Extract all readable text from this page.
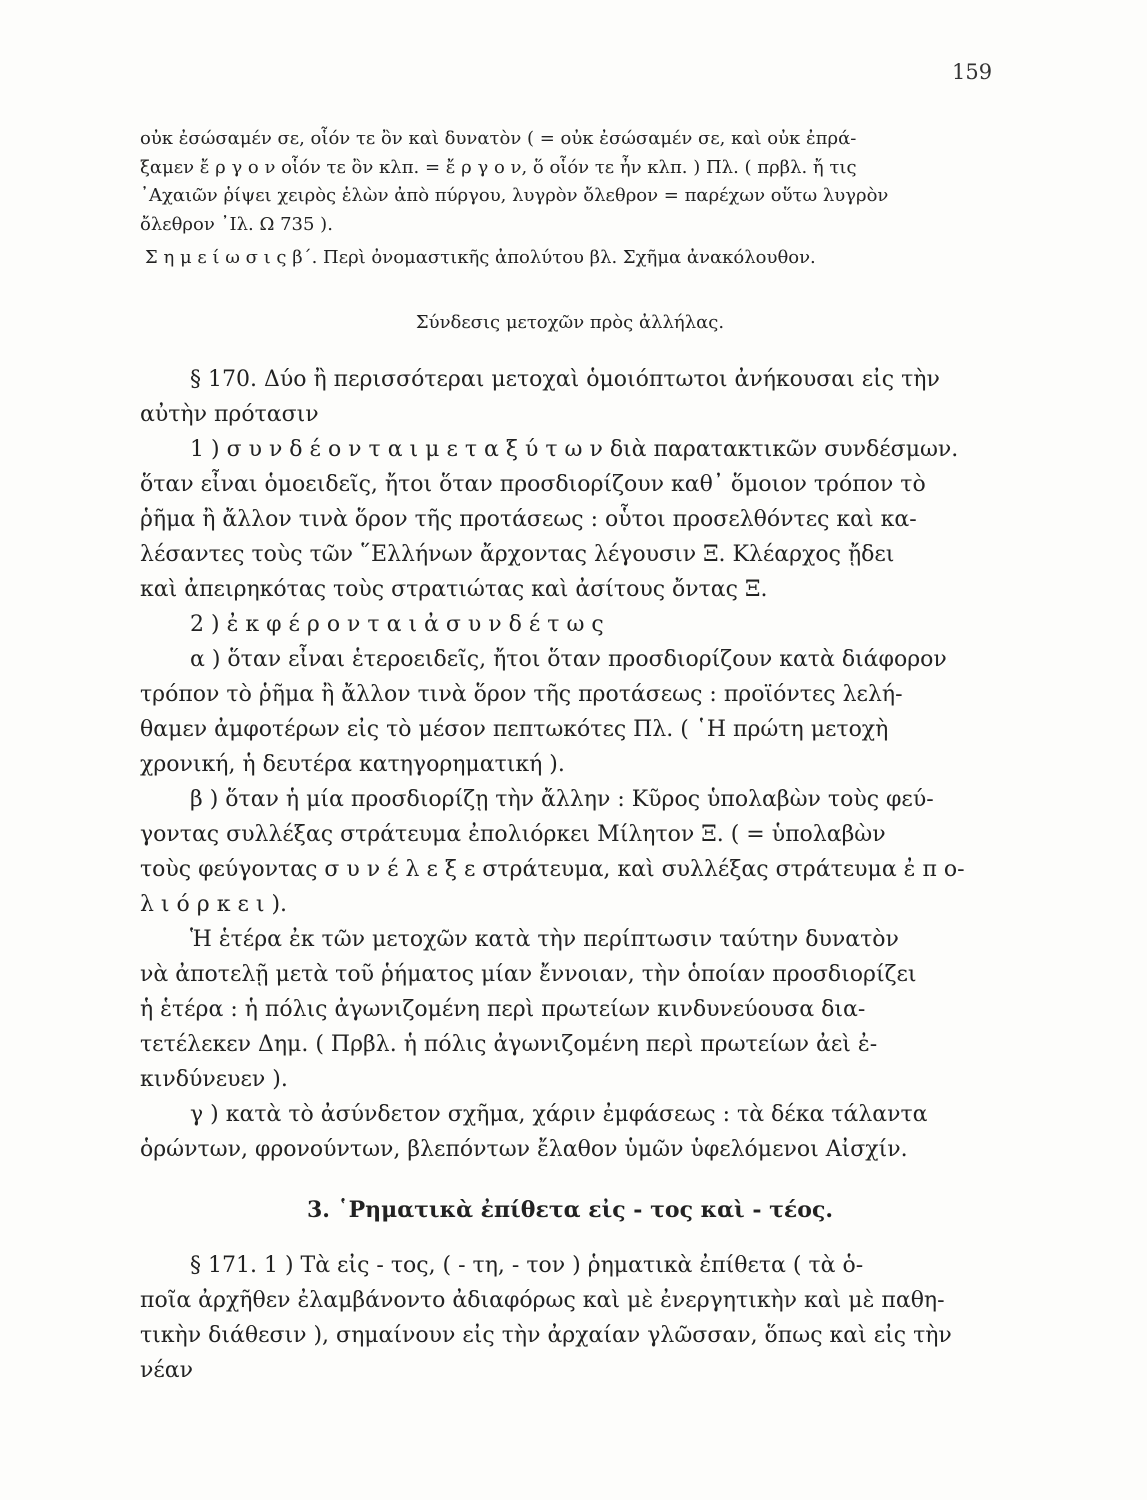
159
οὐκ ἐσώσαμέν σε, οἷόν τε ὂν καὶ δυνατὸν ( = οὐκ ἐσώσαμέν σε, καὶ οὐκ ἐπρά-
ξαμεν ἔ ρ γ ο ν οἷόν τε ὂν κλπ. = ἔ ρ γ ο ν, ὅ οἷόν τε ἦν κλπ. ) Πλ. ( πρβλ. ἤ τις
᾿Αχαιῶν ῥίψει χειρὸς ἑλὼν ἀπὸ πύργου, λυγρὸν ὄλεθρον = παρέχων οὕτω λυγρὸν
ὄλεθρον ᾿Ιλ. Ω 735 ).
Σ η μ ε ί ω σ ι ς β΄. Περὶ ὀνομαστικῆς ἀπολύτου βλ. Σχῆμα ἀνακόλουθον.
Σύνδεσις μετοχῶν πρὸς ἀλλήλας.
§ 170. Δύο ἢ περισσότεραι μετοχαὶ ὁμοιόπτωτοι ἀνήκουσαι εἰς τὴν
αὐτὴν πρότασιν
1 ) σ υ ν δ έ ο ν τ α ι μ ε τ α ξ ύ τ ω ν διὰ παρατακτικῶν συνδέσμων.
ὅταν εἶναι ὁμοειδεῖς, ἤτοι ὅταν προσδιορίζουν καθ᾿ ὅμοιον τρόπον τὸ
ῥῆμα ἢ ἄλλον τινὰ ὅρον τῆς προτάσεως : οὗτοι προσελθόντες καὶ κα-
λέσαντες τοὺς τῶν ῞Ελλήνων ἄρχοντας λέγουσιν Ξ. Κλέαρχος ᾔδει
καὶ ἀπειρηκότας τοὺς στρατιώτας καὶ ἀσίτους ὄντας Ξ.
2 ) ἐ κ φ έ ρ ο ν τ α ι ἀ σ υ ν δ έ τ ω ς
α ) ὅταν εἶναι ἑτεροειδεῖς, ἤτοι ὅταν προσδιορίζουν κατὰ διάφορον
τρόπον τὸ ῥῆμα ἢ ἄλλον τινὰ ὅρον τῆς προτάσεως : προϊόντες λελή-
θαμεν ἀμφοτέρων εἰς τὸ μέσον πεπτωκότες Πλ. ( ῾Η πρώτη μετοχὴ
χρονική, ἡ δευτέρα κατηγορηματική ).
β ) ὅταν ἡ μία προσδιορίζῃ τὴν ἄλλην : Κῦρος ὑπολαβὼν τοὺς φεύ-
γοντας συλλέξας στράτευμα ἐπολιόρκει Μίλητον Ξ. ( = ὑπολαβὼν
τοὺς φεύγοντας σ υ ν έ λ ε ξ ε στράτευμα, καὶ συλλέξας στράτευμα ἐ π ο-
λ ι ό ρ κ ε ι ).
Ἡ ἑτέρα ἐκ τῶν μετοχῶν κατὰ τὴν περίπτωσιν ταύτην δυνατὸν
νὰ ἀποτελῇ μετὰ τοῦ ῥήματος μίαν ἔννοιαν, τὴν ὁποίαν προσδιορίζει
ἡ ἑτέρα : ἡ πόλις ἀγωνιζομένη περὶ πρωτείων κινδυνεύουσα δια-
τετέλεκεν Δημ. ( Πρβλ. ἡ πόλις ἀγωνιζομένη περὶ πρωτείων ἀεὶ ἐ-
κινδύνευεν ).
γ ) κατὰ τὸ ἀσύνδετον σχῆμα, χάριν ἐμφάσεως : τὰ δέκα τάλαντα
ὁρώντων, φρονούντων, βλεπόντων ἔλαθον ὑμῶν ὑφελόμενοι Αἰσχίν.
3. ῾Ρηματικὰ ἐπίθετα εἰς - τος καὶ - τέος.
§ 171. 1 ) Τὰ εἰς - τος, ( - τη, - τον ) ῥηματικὰ ἐπίθετα ( τὰ ὁ-
ποῖα ἀρχῆθεν ἐλαμβάνοντο ἀδιαφόρως καὶ μὲ ἐνεργητικὴν καὶ μὲ παθη-
τικὴν διάθεσιν ), σημαίνουν εἰς τὴν ἀρχαίαν γλῶσσαν, ὅπως καὶ εἰς τὴν
νέαν
